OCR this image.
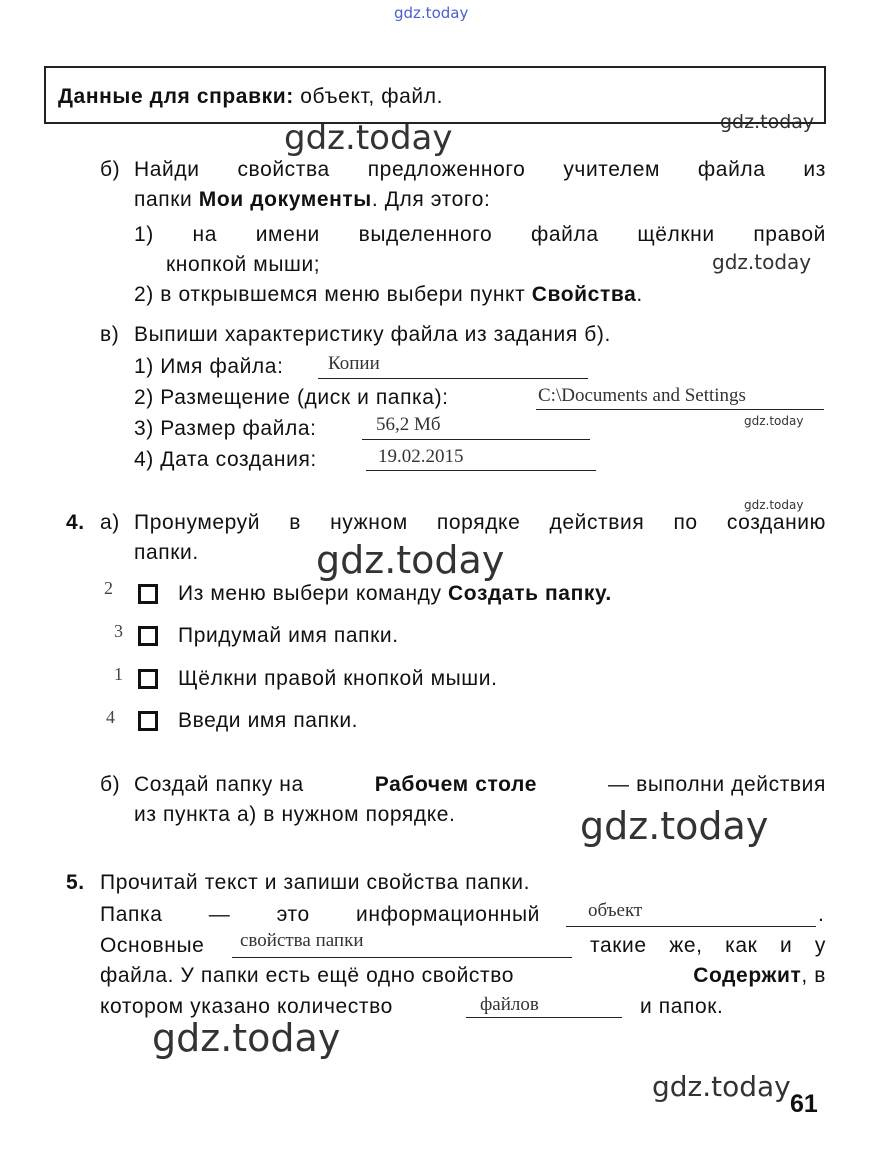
gdz.today
gdz.today
gdz.today
gdz.today
gdz.today
gdz.today
gdz.today
gdz.today
gdz.today
gdz.today
Данные для справки: объект, файл.
б) Найди свойства предложенного учителем файла из
папки Мои документы. Для этого:
1) на имени выделенного файла щёлкни правой
кнопкой мыши;
2) в открывшемся меню выбери пункт Свойства.
в) Выпиши характеристику файла из задания б).
1) Имя файла: Копии
2) Размещение (диск и папка):	C:\Documents and Settings
3) Размер файла:	56,2 Мб
4) Дата создания:	19.02.2015
4. а) Пронумеруй в нужном порядке действия по созданию
папки.
2	Из меню выбери команду Создать папку.
3	Придумай имя папки.
1	Щёлкни правой кнопкой мыши.
4	Введи имя папки.
б) Создай папку на	Рабочем столе	— выполни действия
из пункта а) в нужном порядке.
5. Прочитай текст и запиши свойства папки.
Папка — это информационный	объект	.
Основные свойства папки	такие же, как и у
файла. У папки есть ещё одно свойство	Содержит, в
котором указано количество	файлов	и папок.
61
